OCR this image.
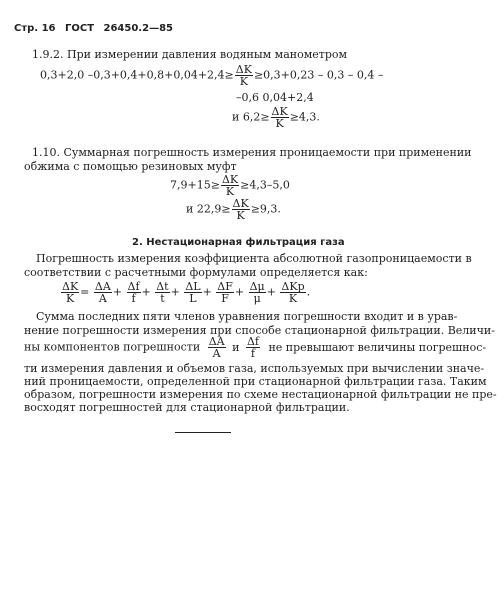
Стр. 16 ГОСТ 26450.2—85
1.9.2. При измерении давления водяным манометром
0,3+2,0 $-0,3+0,4+0,8+0,04+2,4\ge \frac{\Delta K}{K} \ge 0,3+0,23 - 0,3 - 0,4$ –
–0,6 0,04+2,4
и $6,2\ge \frac{\Delta K}{K} \ge 4,3$.
1.10. Суммарная погрешность измерения проницаемости при применении
обжима с помощью резиновых муфт
$7,9+15\ge \frac{\Delta K}{K} \ge 4,3-5,0$
и $22,9\ge \frac{\Delta K}{K} \ge 9,3$.
2. Нестационарная фильтрация газа
Погрешность измерения коэффициента абсолютной газопроницаемости в
соответствии с расчетными формулами определяется как:
$\frac{\Delta K}{K} = \frac{\Delta A}{A} + \frac{\Delta f}{f} + \frac{\Delta t}{t} + \frac{\Delta L}{L} + \frac{\Delta F}{F} + \frac{\Delta\mu}{\mu} + \frac{\text{ΔKр}}{K}$ .
Сумма последних пяти членов уравнения погрешности входит и в урав-
нение погрешности измерения при способе стационарной фильтрации. Величи-
ны компонентов погрешности $\frac{\Delta A}{A}$ и $\frac{\Delta f}{f}$ не превышают величины погрешнос-
ти измерения давления и объемов газа, используемых при вычислении значе-
ний проницаемости, определенной при стационарной фильтрации газа. Таким
образом, погрешности измерения по схеме нестационарной фильтрации не пре-
восходят погрешностей для стационарной фильтрации.
